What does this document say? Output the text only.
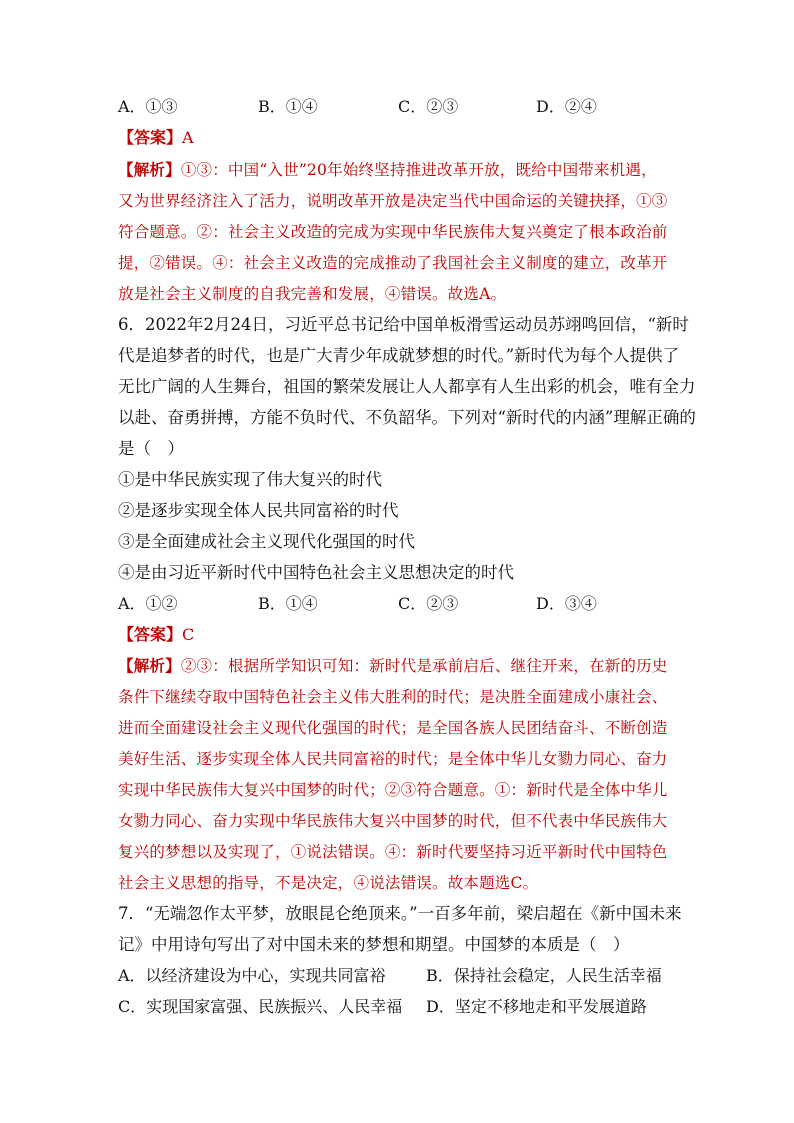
A．①③	B．①④	C．②③	D．②④
【答案】A
【解析】①③：中国“入世”20年始终坚持推进改革开放，既给中国带来机遇，
又为世界经济注入了活力，说明改革开放是决定当代中国命运的关键抉择，①③
符合题意。②：社会主义改造的完成为实现中华民族伟大复兴奠定了根本政治前
提，②错误。④：社会主义改造的完成推动了我国社会主义制度的建立，改革开
放是社会主义制度的自我完善和发展，④错误。故选A。
6．2022年2月24日，习近平总书记给中国单板滑雪运动员苏翊鸣回信，“新时
代是追梦者的时代，也是广大青少年成就梦想的时代。”新时代为每个人提供了
无比广阔的人生舞台，祖国的繁荣发展让人人都享有人生出彩的机会，唯有全力
以赴、奋勇拼搏，方能不负时代、不负韶华。下列对“新时代的内涵”理解正确的
是（　）
①是中华民族实现了伟大复兴的时代
②是逐步实现全体人民共同富裕的时代
③是全面建成社会主义现代化强国的时代
④是由习近平新时代中国特色社会主义思想决定的时代
A．①②	B．①④	C．②③	D．③④
【答案】C
【解析】②③：根据所学知识可知：新时代是承前启后、继往开来，在新的历史
条件下继续夺取中国特色社会主义伟大胜利的时代；是决胜全面建成小康社会、
进而全面建设社会主义现代化强国的时代；是全国各族人民团结奋斗、不断创造
美好生活、逐步实现全体人民共同富裕的时代；是全体中华儿女勠力同心、奋力
实现中华民族伟大复兴中国梦的时代；②③符合题意。①：新时代是全体中华儿
女勠力同心、奋力实现中华民族伟大复兴中国梦的时代，但不代表中华民族伟大
复兴的梦想以及实现了，①说法错误。④：新时代要坚持习近平新时代中国特色
社会主义思想的指导，不是决定，④说法错误。故本题选C。
7．“无端忽作太平梦，放眼昆仑绝顶来。”一百多年前，梁启超在《新中国未来
记》中用诗句写出了对中国未来的梦想和期望。中国梦的本质是（　）
A．以经济建设为中心，实现共同富裕	B．保持社会稳定，人民生活幸福
C．实现国家富强、民族振兴、人民幸福 D．坚定不移地走和平发展道路
